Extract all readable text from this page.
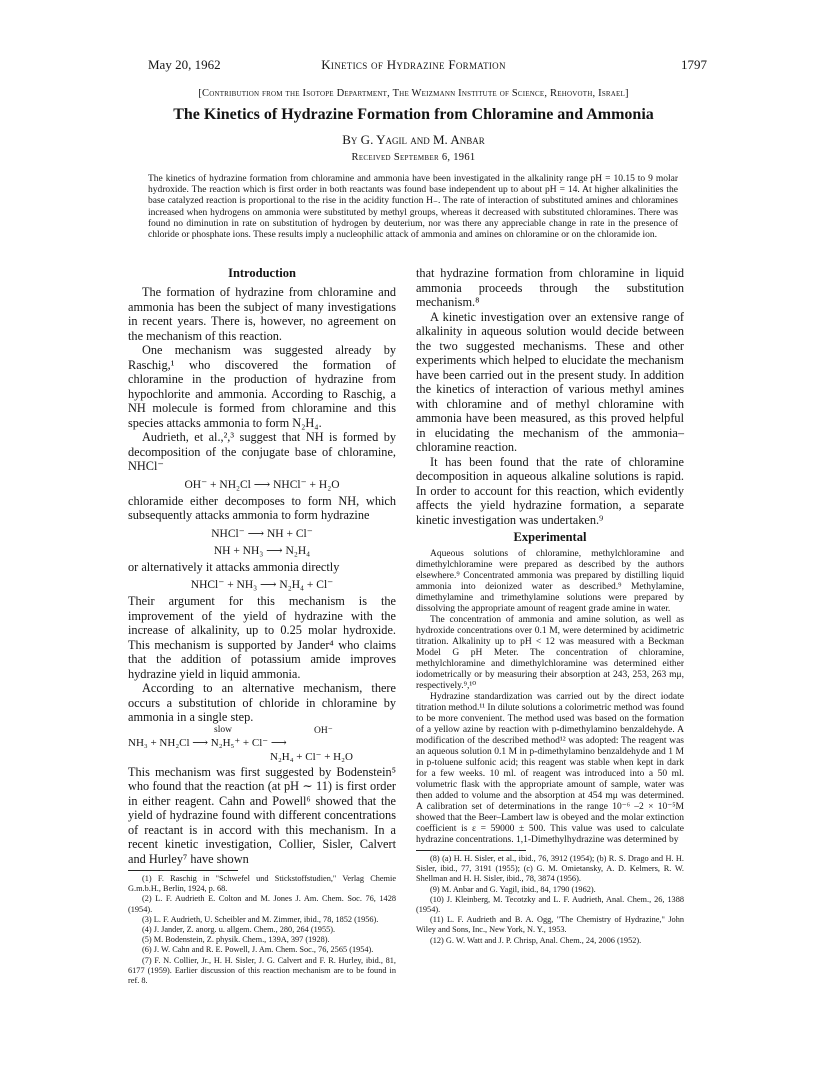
May 20, 1962	Kinetics of Hydrazine Formation	1797
[Contribution from the Isotope Department, The Weizmann Institute of Science, Rehovoth, Israel]
The Kinetics of Hydrazine Formation from Chloramine and Ammonia
By G. Yagil and M. Anbar
Received September 6, 1961
The kinetics of hydrazine formation from chloramine and ammonia have been investigated in the alkalinity range pH = 10.15 to 9 molar hydroxide. The reaction which is first order in both reactants was found base independent up to about pH = 14. At higher alkalinities the base catalyzed reaction is proportional to the rise in the acidity function H₋. The rate of interaction of substituted amines and chloramines increased when hydrogens on ammonia were substituted by methyl groups, whereas it decreased with substituted chloramines. There was found no diminution in rate on substitution of hydrogen by deuterium, nor was there any appreciable change in rate in the presence of chloride or phosphate ions. These results imply a nucleophilic attack of ammonia and amines on chloramine or on the chloramide ion.
Introduction

The formation of hydrazine from chloramine and ammonia has been the subject of many investigations in recent years. There is, however, no agreement on the mechanism of this reaction.

One mechanism was suggested already by Raschig,¹ who discovered the formation of chloramine in the production of hydrazine from hypochlorite and ammonia. According to Raschig, a NH molecule is formed from chloramine and this species attacks ammonia to form N₂H₄.

Audrieth, et al.,²,³ suggest that NH is formed by decomposition of the conjugate base of chloramine, NHCl⁻

OH⁻ + NH₂Cl ⟶ NHCl⁻ + H₂O

chloramide either decomposes to form NH, which subsequently attacks ammonia to form hydrazine

NHCl⁻ ⟶ NH + Cl⁻
NH + NH₃ ⟶ N₂H₄

or alternatively it attacks ammonia directly

NHCl⁻ + NH₃ ⟶ N₂H₄ + Cl⁻

Their argument for this mechanism is the improvement of the yield of hydrazine with the increase of alkalinity, up to 0.25 molar hydroxide. This mechanism is supported by Jander⁴ who claims that the addition of potassium amide improves hydrazine yield in liquid ammonia.

According to an alternative mechanism, there occurs a substitution of chloride in chloramine by ammonia in a single step.

slow	OH⁻
NH₃ + NH₂Cl ⟶ N₂H₅⁺ + Cl⁻ ⟶
N₂H₄ + Cl⁻ + H₂O

This mechanism was first suggested by Bodenstein⁵ who found that the reaction (at pH ∼ 11) is first order in either reagent. Cahn and Powell⁶ showed that the yield of hydrazine found with different concentrations of reactant is in accord with this mechanism. In a recent kinetic investigation, Collier, Sisler, Calvert and Hurley⁷ have shown

(1) F. Raschig in "Schwefel und Stickstoffstudien," Verlag Chemie G.m.b.H., Berlin, 1924, p. 68.

(2) L. F. Audrieth E. Colton and M. Jones J. Am. Chem. Soc. 76, 1428 (1954).

(3) L. F. Audrieth, U. Scheibler and M. Zimmer, ibid., 78, 1852 (1956).

(4) J. Jander, Z. anorg. u. allgem. Chem., 280, 264 (1955).

(5) M. Bodenstein, Z. physik. Chem., 139A, 397 (1928).

(6) J. W. Cahn and R. E. Powell, J. Am. Chem. Soc., 76, 2565 (1954).

(7) F. N. Collier, Jr., H. H. Sisler, J. G. Calvert and F. R. Hurley, ibid., 81, 6177 (1959). Earlier discussion of this reaction mechanism are to be found in ref. 8.

that hydrazine formation from chloramine in liquid ammonia proceeds through the substitution mechanism.⁸

A kinetic investigation over an extensive range of alkalinity in aqueous solution would decide between the two suggested mechanisms. These and other experiments which helped to elucidate the mechanism have been carried out in the present study. In addition the kinetics of interaction of various methyl amines with chloramine and of methyl chloramine with ammonia have been measured, as this proved helpful in elucidating the mechanism of the ammonia–chloramine reaction.

It has been found that the rate of chloramine decomposition in aqueous alkaline solutions is rapid. In order to account for this reaction, which evidently affects the yield hydrazine formation, a separate kinetic investigation was undertaken.⁹

Experimental

Aqueous solutions of chloramine, methylchloramine and dimethylchloramine were prepared as described by the authors elsewhere.⁹ Concentrated ammonia was prepared by distilling liquid ammonia into deionized water as described.⁹ Methylamine, dimethylamine and trimethylamine solutions were prepared by dissolving the appropriate amount of reagent grade amine in water.

The concentration of ammonia and amine solution, as well as hydroxide concentrations over 0.1 M, were determined by acidimetric titration. Alkalinity up to pH < 12 was measured with a Beckman Model G pH Meter. The concentration of chloramine, methylchloramine and dimethylchloramine was determined either iodometrically or by measuring their absorption at 243, 253, 263 mμ, respectively.⁹,¹⁰

Hydrazine standardization was carried out by the direct iodate titration method.¹¹ In dilute solutions a colorimetric method was found to be more convenient. The method used was based on the formation of a yellow azine by reaction with p-dimethylamino benzaldehyde. A modification of the described method¹² was adopted: The reagent was an aqueous solution 0.1 M in p-dimethylamino benzaldehyde and 1 M in p-toluene sulfonic acid; this reagent was stable when kept in dark for a few weeks. 10 ml. of reagent was introduced into a 50 ml. volumetric flask with the appropriate amount of sample, water was then added to volume and the absorption at 454 mμ was determined. A calibration set of determinations in the range 10⁻⁶ –2 × 10⁻⁵M showed that the Beer–Lambert law is obeyed and the molar extinction coefficient is ε = 59000 ± 500. This value was used to calculate hydrazine concentrations. 1,1-Dimethylhydrazine was determined by

(8) (a) H. H. Sisler, et al., ibid., 76, 3912 (1954); (b) R. S. Drago and H. H. Sisler, ibid., 77, 3191 (1955); (c) G. M. Omietansky, A. D. Kelmers, R. W. Shellman and H. H. Sisler, ibid., 78, 3874 (1956).

(9) M. Anbar and G. Yagil, ibid., 84, 1790 (1962).

(10) J. Kleinberg, M. Tecotzky and L. F. Audrieth, Anal. Chem., 26, 1388 (1954).

(11) L. F. Audrieth and B. A. Ogg, "The Chemistry of Hydrazine," John Wiley and Sons, Inc., New York, N. Y., 1953.

(12) G. W. Watt and J. P. Chrisp, Anal. Chem., 24, 2006 (1952).
